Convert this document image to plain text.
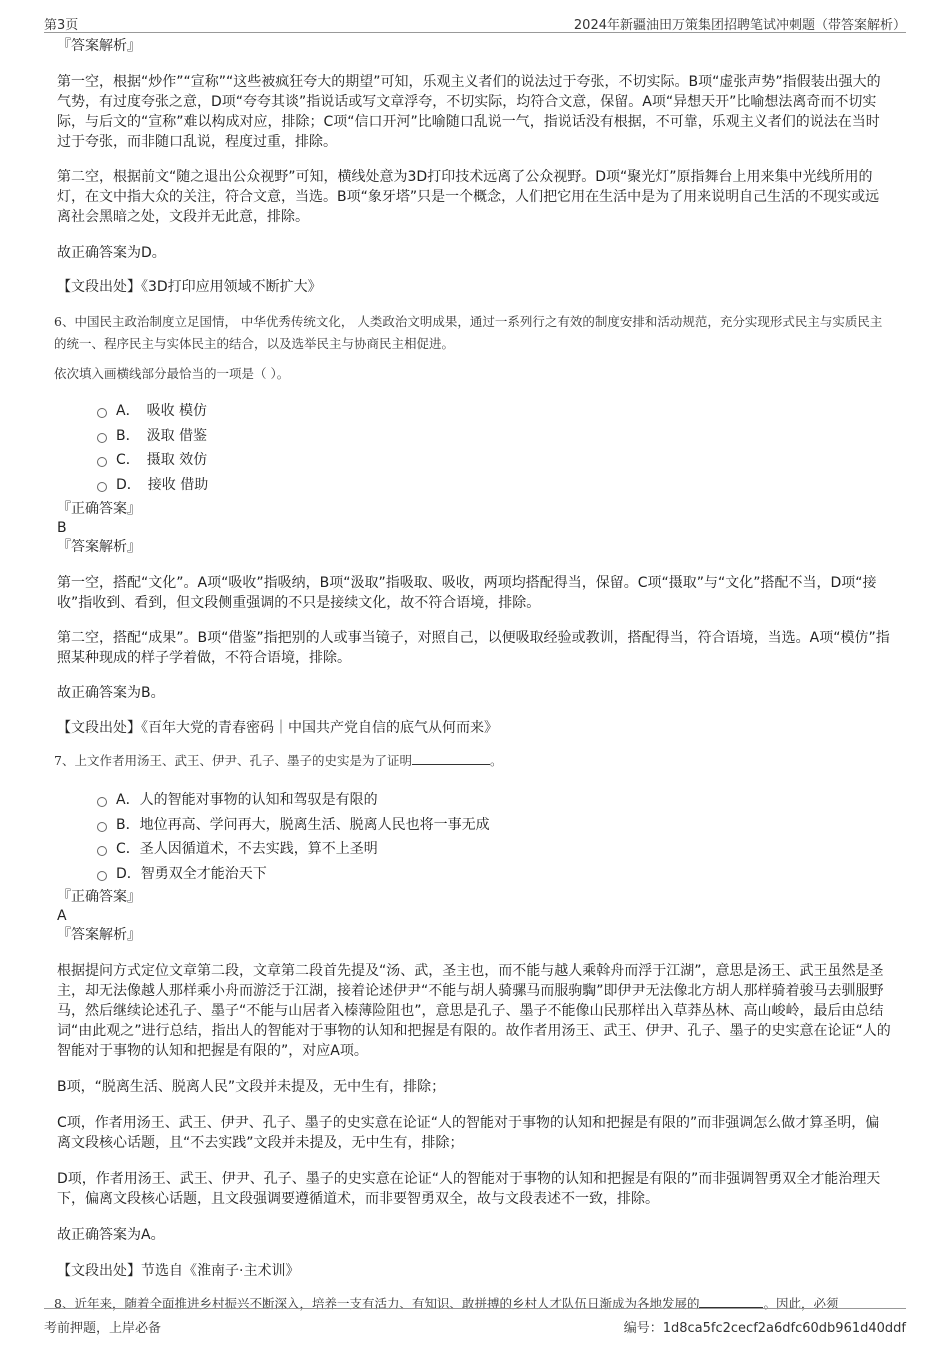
第3页	2024年新疆油田万策集团招聘笔试冲刺题（带答案解析）

『答案解析』

第一空，根据“炒作”“宣称”“这些被疯狂夸大的期望”可知，乐观主义者们的说法过于夸张，不切实际。B项“虚张声势”指假装出强大的气势，有过度夸张之意，D项“夸夸其谈”指说话或写文章浮夸，不切实际，均符合文意，保留。A项“异想天开”比喻想法离奇而不切实际，与后文的“宣称”难以构成对应，排除；C项“信口开河”比喻随口乱说一气，指说话没有根据，不可靠，乐观主义者们的说法在当时过于夸张，而非随口乱说，程度过重，排除。

第二空，根据前文“随之退出公众视野”可知，横线处意为3D打印技术远离了公众视野。D项“聚光灯”原指舞台上用来集中光线所用的灯，在文中指大众的关注，符合文意，当选。B项“象牙塔”只是一个概念，人们把它用在生活中是为了用来说明自己生活的不现实或远离社会黑暗之处，文段并无此意，排除。

故正确答案为D。

【文段出处】《3D打印应用领域不断扩大》

6、中国民主政治制度立足国情， 中华优秀传统文化， 人类政治文明成果，通过一系列行之有效的制度安排和活动规范，充分实现形式民主与实质民主的统一、程序民主与实体民主的结合，以及选举民主与协商民主相促进。

依次填入画横线部分最恰当的一项是（ ）。

A．　吸收 模仿

B．　汲取 借鉴

C．　摄取 效仿

D．　接收 借助

『正确答案』

B

『答案解析』

第一空，搭配“文化”。A项“吸收”指吸纳，B项“汲取”指吸取、吸收，两项均搭配得当，保留。C项“摄取”与“文化”搭配不当，D项“接收”指收到、看到，但文段侧重强调的不只是接续文化，故不符合语境，排除。

第二空，搭配“成果”。B项“借鉴”指把别的人或事当镜子，对照自己，以便吸取经验或教训，搭配得当，符合语境，当选。A项“模仿”指照某种现成的样子学着做，不符合语境，排除。

故正确答案为B。

【文段出处】《百年大党的青春密码｜中国共产党自信的底气从何而来》

7、上文作者用汤王、武王、伊尹、孔子、墨子的史实是为了证明	。

A．人的智能对事物的认知和驾驭是有限的

B．地位再高、学问再大，脱离生活、脱离人民也将一事无成

C．圣人因循道术，不去实践，算不上圣明

D．智勇双全才能治天下

『正确答案』

A

『答案解析』

根据提问方式定位文章第二段，文章第二段首先提及“汤、武，圣主也，而不能与越人乘斡舟而浮于江湖”，意思是汤王、武王虽然是圣主，却无法像越人那样乘小舟而游泛于江湖，接着论述伊尹“不能与胡人骑骡马而服驹騊”即伊尹无法像北方胡人那样骑着骏马去驯服野马，然后继续论述孔子、墨子“不能与山居者入榛薄险阻也”，意思是孔子、墨子不能像山民那样出入草莽丛林、高山峻岭，最后由总结词“由此观之”进行总结，指出人的智能对于事物的认知和把握是有限的。故作者用汤王、武王、伊尹、孔子、墨子的史实意在论证“人的智能对于事物的认知和把握是有限的”，对应A项。

B项，“脱离生活、脱离人民”文段并未提及，无中生有，排除；

C项，作者用汤王、武王、伊尹、孔子、墨子的史实意在论证“人的智能对于事物的认知和把握是有限的”而非强调怎么做才算圣明，偏离文段核心话题，且“不去实践”文段并未提及，无中生有，排除；

D项，作者用汤王、武王、伊尹、孔子、墨子的史实意在论证“人的智能对于事物的认知和把握是有限的”而非强调智勇双全才能治理天下，偏离文段核心话题，且文段强调要遵循道术，而非要智勇双全，故与文段表述不一致，排除。

故正确答案为A。

【文段出处】节选自《淮南子·主术训》

8、近年来，随着全面推进乡村振兴不断深入，培养一支有活力、有知识、敢拼搏的乡村人才队伍日渐成为各地发展的	。因此，必须

考前押题，上岸必备	编号：1d8ca5fc2cecf2a6dfc60db961d40ddf
